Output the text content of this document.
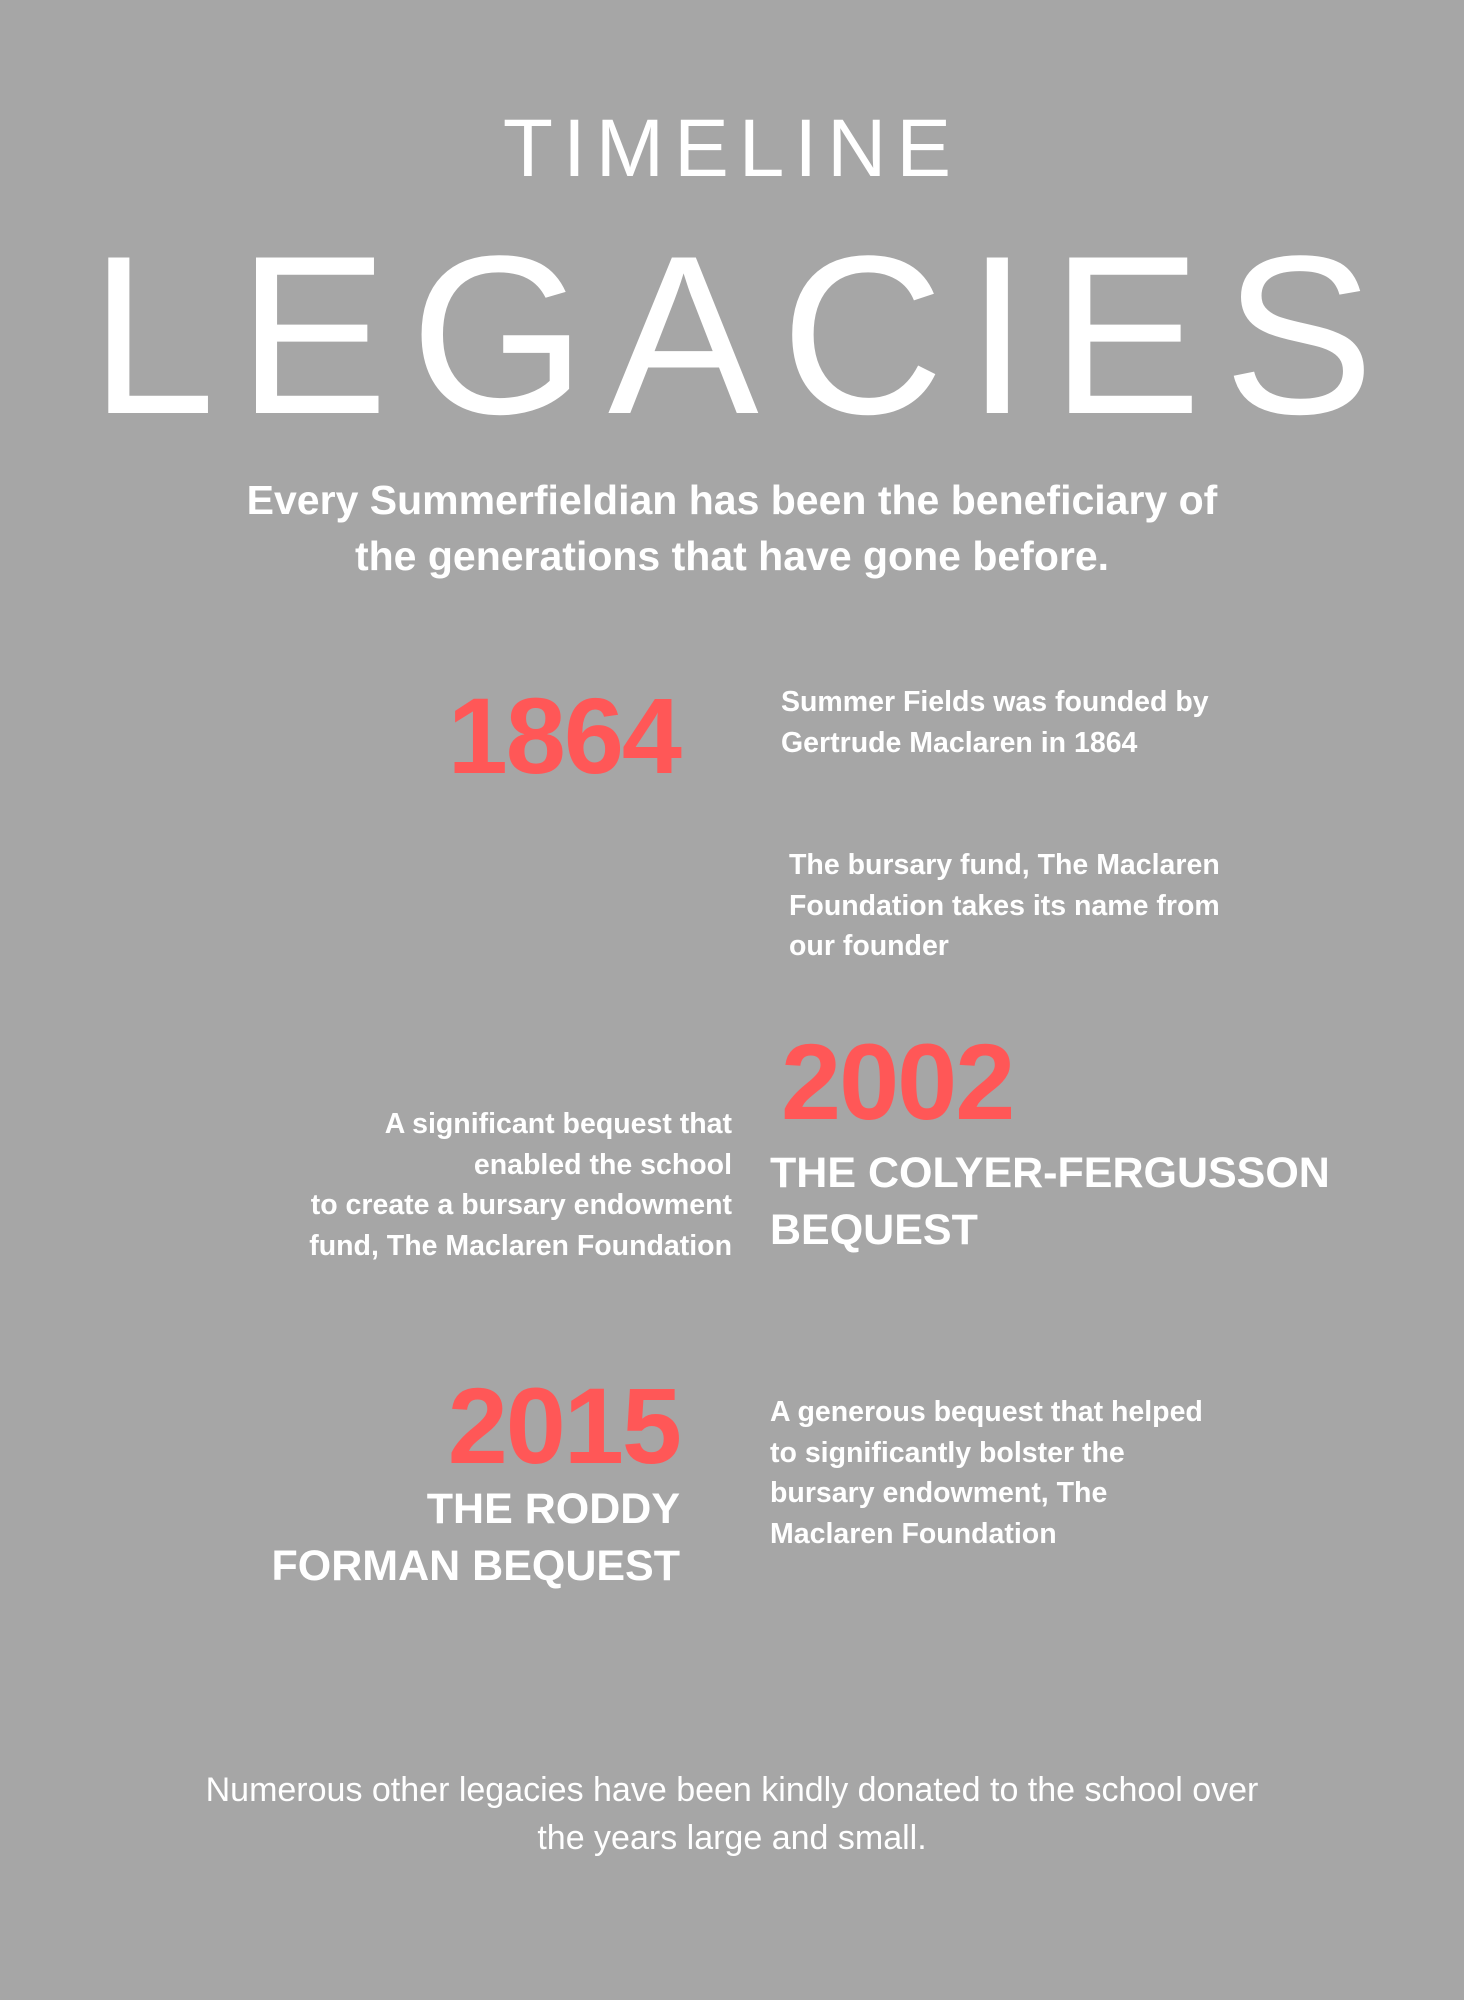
TIMELINE
LEGACIES
Every Summerfieldian has been the beneficiary of
the generations that have gone before.
1864	Summer Fields was founded by Gertrude Maclaren in 1864
The bursary fund, The Maclaren Foundation takes its name from our founder
2002
A significant bequest that
enabled the school
to create a bursary endowment
fund, The Maclaren Foundation
THE COLYER-FERGUSSON
BEQUEST
2015
THE RODDY
FORMAN BEQUEST
A generous bequest that helped to significantly bolster the bursary endowment, The Maclaren Foundation
Numerous other legacies have been kindly donated to the school over
the years large and small.
